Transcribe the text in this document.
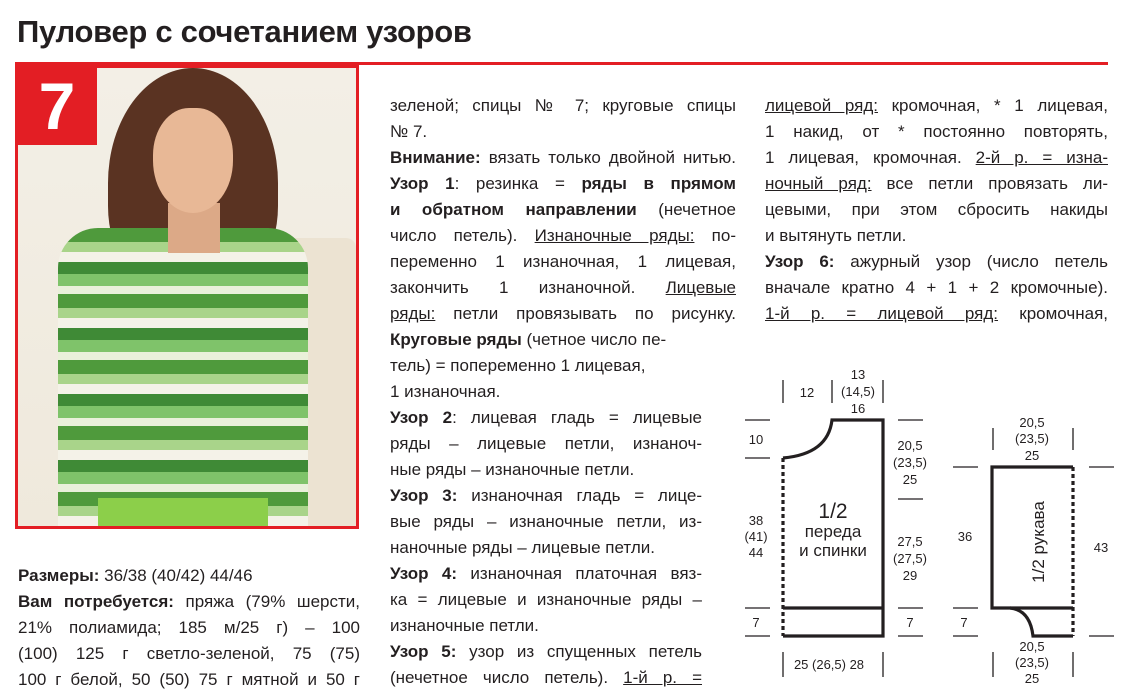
Пуловер с сочетанием узоров
7
Размеры: 36/38 (40/42) 44/46
Вам потребуется: пряжа (79% шерсти,
21% полиамида; 185 м/25 г) – 100
(100) 125 г светло-зеленой, 75 (75)
100 г белой, 50 (50) 75 г мятной и 50 г
зеленой; спицы № 7; круговые спицы
№ 7.
Внимание: вязать только двойной нитью.
Узор 1: резинка = ряды в прямом
и обратном направлении (нечетное
число петель). Изнаночные ряды: по-
переменно 1 изнаночная, 1 лицевая,
закончить 1 изнаночной. Лицевые
ряды: петли провязывать по рисунку.
Круговые ряды (четное число пе-
тель) = попеременно 1 лицевая,
1 изнаночная.
Узор 2: лицевая гладь = лицевые
ряды – лицевые петли, изнаноч-
ные ряды – изнаночные петли.
Узор 3: изнаночная гладь = лице-
вые ряды – изнаночные петли, из-
наночные ряды – лицевые петли.
Узор 4: изнаночная платочная вяз-
ка = лицевые и изнаночные ряды –
изнаночные петли.
Узор 5: узор из спущенных петель
(нечетное число петель). 1-й р. =
лицевой ряд: кромочная, * 1 лицевая,
1 накид, от * постоянно повторять,
1 лицевая, кромочная. 2-й р. = изна-
ночный ряд: все петли провязать ли-
цевыми, при этом сбросить накиды
и вытянуть петли.
Узор 6: ажурный узор (число петель
вначале кратно 4 + 1 + 2 кромочные).
1-й р. = лицевой ряд: кромочная,
1/2
переда
и спинки
12
13
(14,5)
16
10
38
(41)
44
7
20,5
(23,5)
25
27,5
(27,5)
29
7
25 (26,5) 28
1/2 рукава
20,5
(23,5)
25
36
43
7
20,5
(23,5)
25
